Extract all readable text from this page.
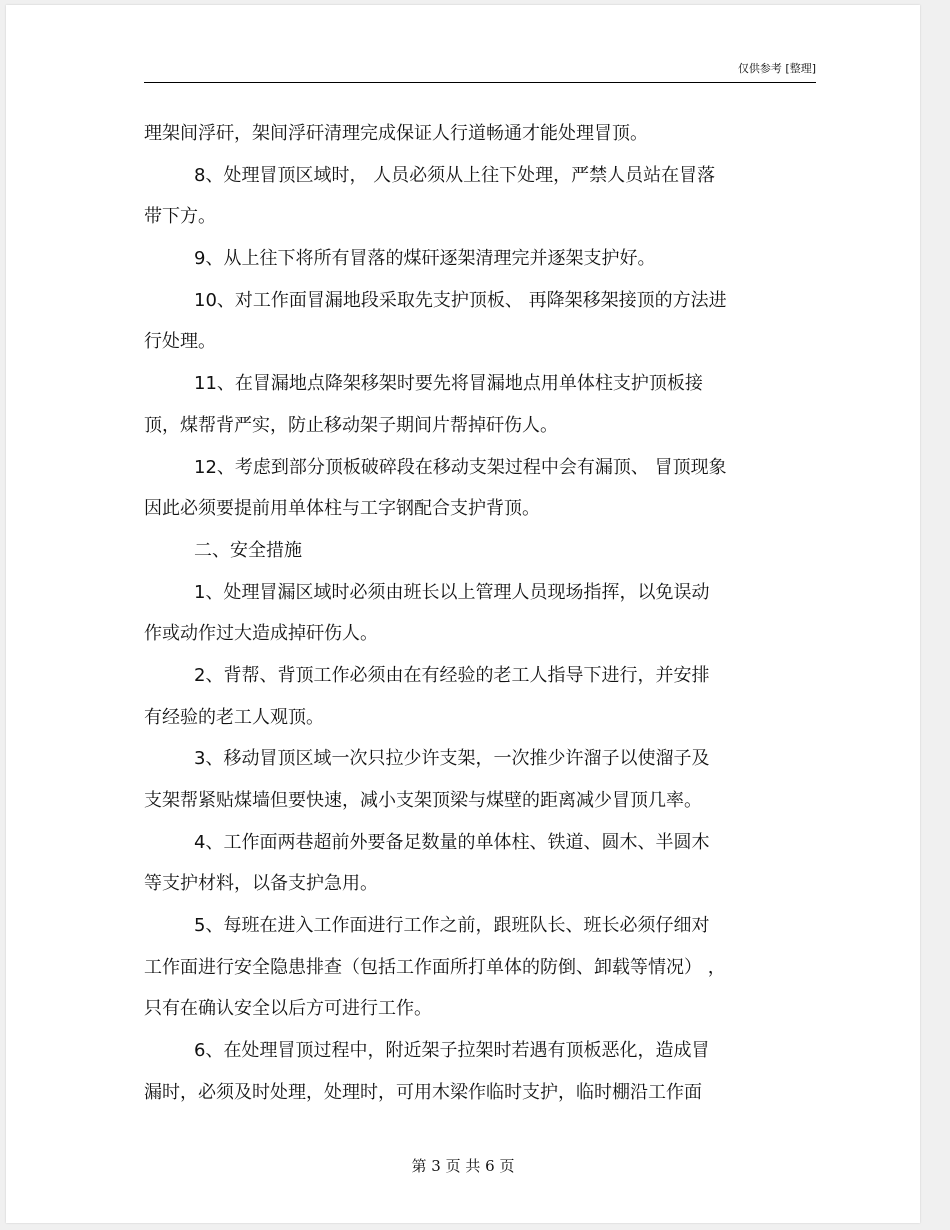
仅供参考 [整理]
理架间浮矸，架间浮矸清理完成保证人行道畅通才能处理冒顶。
8、处理冒顶区域时， 人员必须从上往下处理，严禁人员站在冒落
带下方。
9、从上往下将所有冒落的煤矸逐架清理完并逐架支护好。
10、对工作面冒漏地段采取先支护顶板、 再降架移架接顶的方法进
行处理。
11、在冒漏地点降架移架时要先将冒漏地点用单体柱支护顶板接
顶，煤帮背严实，防止移动架子期间片帮掉矸伤人。
12、考虑到部分顶板破碎段在移动支架过程中会有漏顶、 冒顶现象
因此必须要提前用单体柱与工字钢配合支护背顶。
二、安全措施
1、处理冒漏区域时必须由班长以上管理人员现场指挥，以免误动
作或动作过大造成掉矸伤人。
2、背帮、背顶工作必须由在有经验的老工人指导下进行，并安排
有经验的老工人观顶。
3、移动冒顶区域一次只拉少许支架，一次推少许溜子以使溜子及
支架帮紧贴煤墙但要快速，减小支架顶梁与煤壁的距离减少冒顶几率。
4、工作面两巷超前外要备足数量的单体柱、铁道、圆木、半圆木
等支护材料，以备支护急用。
5、每班在进入工作面进行工作之前，跟班队长、班长必须仔细对
工作面进行安全隐患排查（包括工作面所打单体的防倒、卸载等情况） ，
只有在确认安全以后方可进行工作。
6、在处理冒顶过程中，附近架子拉架时若遇有顶板恶化，造成冒
漏时，必须及时处理，处理时，可用木梁作临时支护，临时棚沿工作面
第 3 页 共 6 页
